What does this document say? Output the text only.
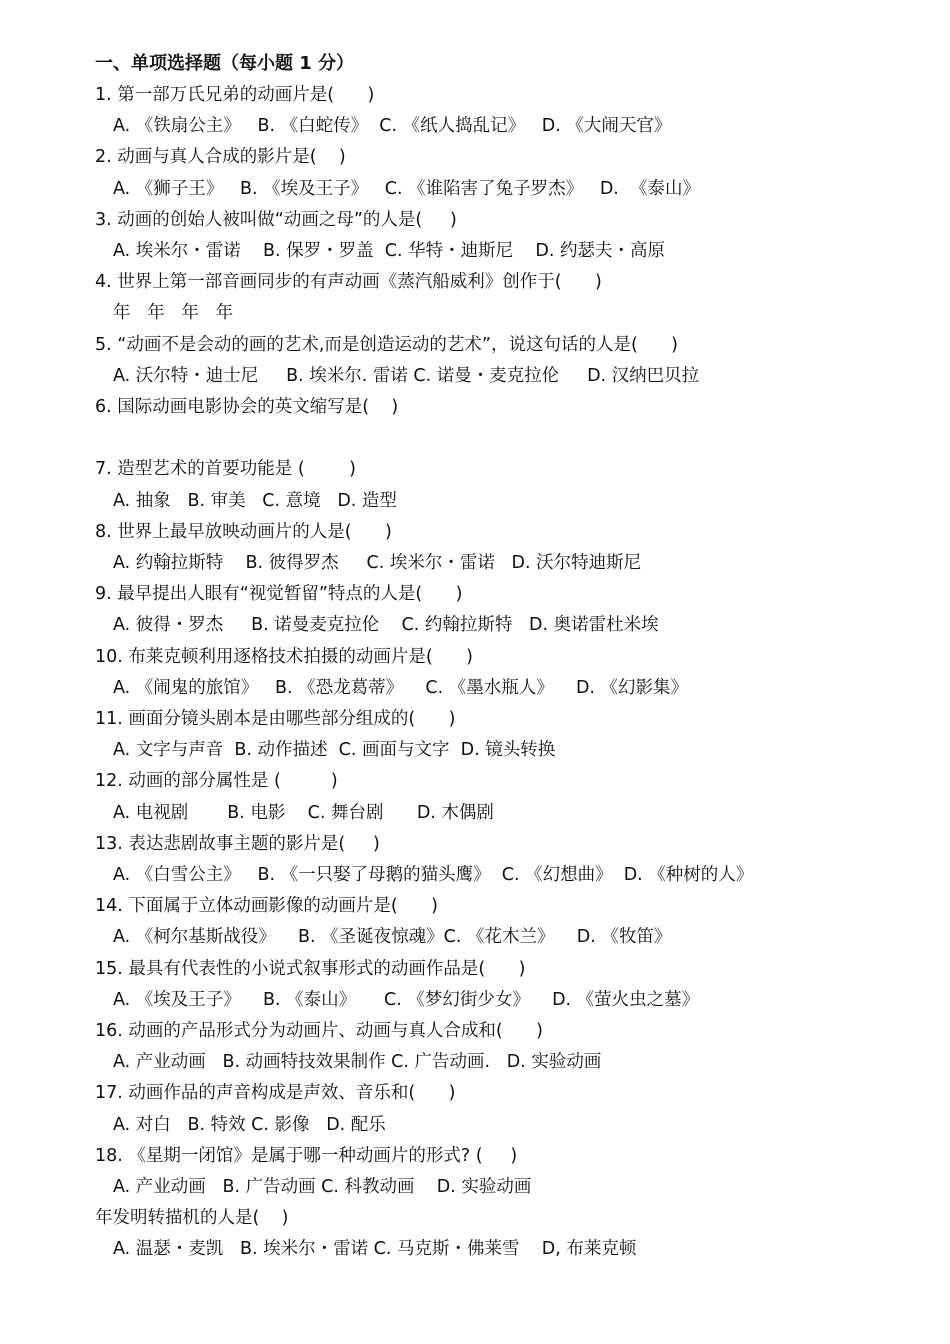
一、单项选择题（每小题 1 分）
1. 第一部万氏兄弟的动画片是(      )
A. 《铁扇公主》   B. 《白蛇传》  C. 《纸人捣乱记》   D. 《大闹天官》
2. 动画与真人合成的影片是(    )
A. 《狮子王》   B. 《埃及王子》   C. 《谁陷害了兔子罗杰》   D.  《泰山》
3. 动画的创始人被叫做“动画之母”的人是(     )
A. 埃米尔・雷诺    B. 保罗・罗盖  C. 华特・迪斯尼    D. 约瑟夫・高原
4. 世界上第一部音画同步的有声动画《蒸汽船威利》创作于(      )
年   年   年   年
5. “动画不是会动的画的艺术,而是创造运动的艺术”，说这句话的人是(      )
A. 沃尔特・迪士尼     B. 埃米尔. 雷诺 C. 诺曼・麦克拉伦     D. 汉纳巴贝拉
6. 国际动画电影协会的英文缩写是(    )
7. 造型艺术的首要功能是 (        )
A. 抽象   B. 审美   C. 意境   D. 造型
8. 世界上最早放映动画片的人是(      )
A. 约翰拉斯特    B. 彼得罗杰     C. 埃米尔・雷诺   D. 沃尔特迪斯尼
9. 最早提出人眼有“视觉暂留”特点的人是(      )
A. 彼得・罗杰     B. 诺曼麦克拉伦    C. 约翰拉斯特   D. 奥诺雷杜米埃
10. 布莱克顿利用逐格技术拍摄的动画片是(      )
A. 《闹鬼的旅馆》   B. 《恐龙葛蒂》    C. 《墨水瓶人》    D. 《幻影集》
11. 画面分镜头剧本是由哪些部分组成的(      )
A. 文字与声音  B. 动作描述  C. 画面与文字  D. 镜头转换
12. 动画的部分属性是 (         )
A. 电视剧       B. 电影    C. 舞台剧      D. 木偶剧
13. 表达悲剧故事主题的影片是(     )
A. 《白雪公主》   B. 《一只娶了母鹅的猫头鹰》  C. 《幻想曲》  D. 《种树的人》
14. 下面属于立体动画影像的动画片是(      )
A. 《柯尔基斯战役》    B. 《圣诞夜惊魂》C. 《花木兰》    D. 《牧笛》
15. 最具有代表性的小说式叙事形式的动画作品是(      )
A. 《埃及王子》    B. 《泰山》     C. 《梦幻街少女》    D. 《萤火虫之墓》
16. 动画的产品形式分为动画片、动画与真人合成和(      )
A. 产业动画   B. 动画特技效果制作 C. 广告动画.   D. 实验动画
17. 动画作品的声音构成是声效、音乐和(      )
A. 对白   B. 特效 C. 影像   D. 配乐
18. 《星期一闭馆》是属于哪一种动画片的形式? (     )
A. 产业动画   B. 广告动画 C. 科教动画    D. 实验动画
年发明转描机的人是(    )
A. 温瑟・麦凯   B. 埃米尔・雷诺 C. 马克斯・佛莱雪    D, 布莱克顿
